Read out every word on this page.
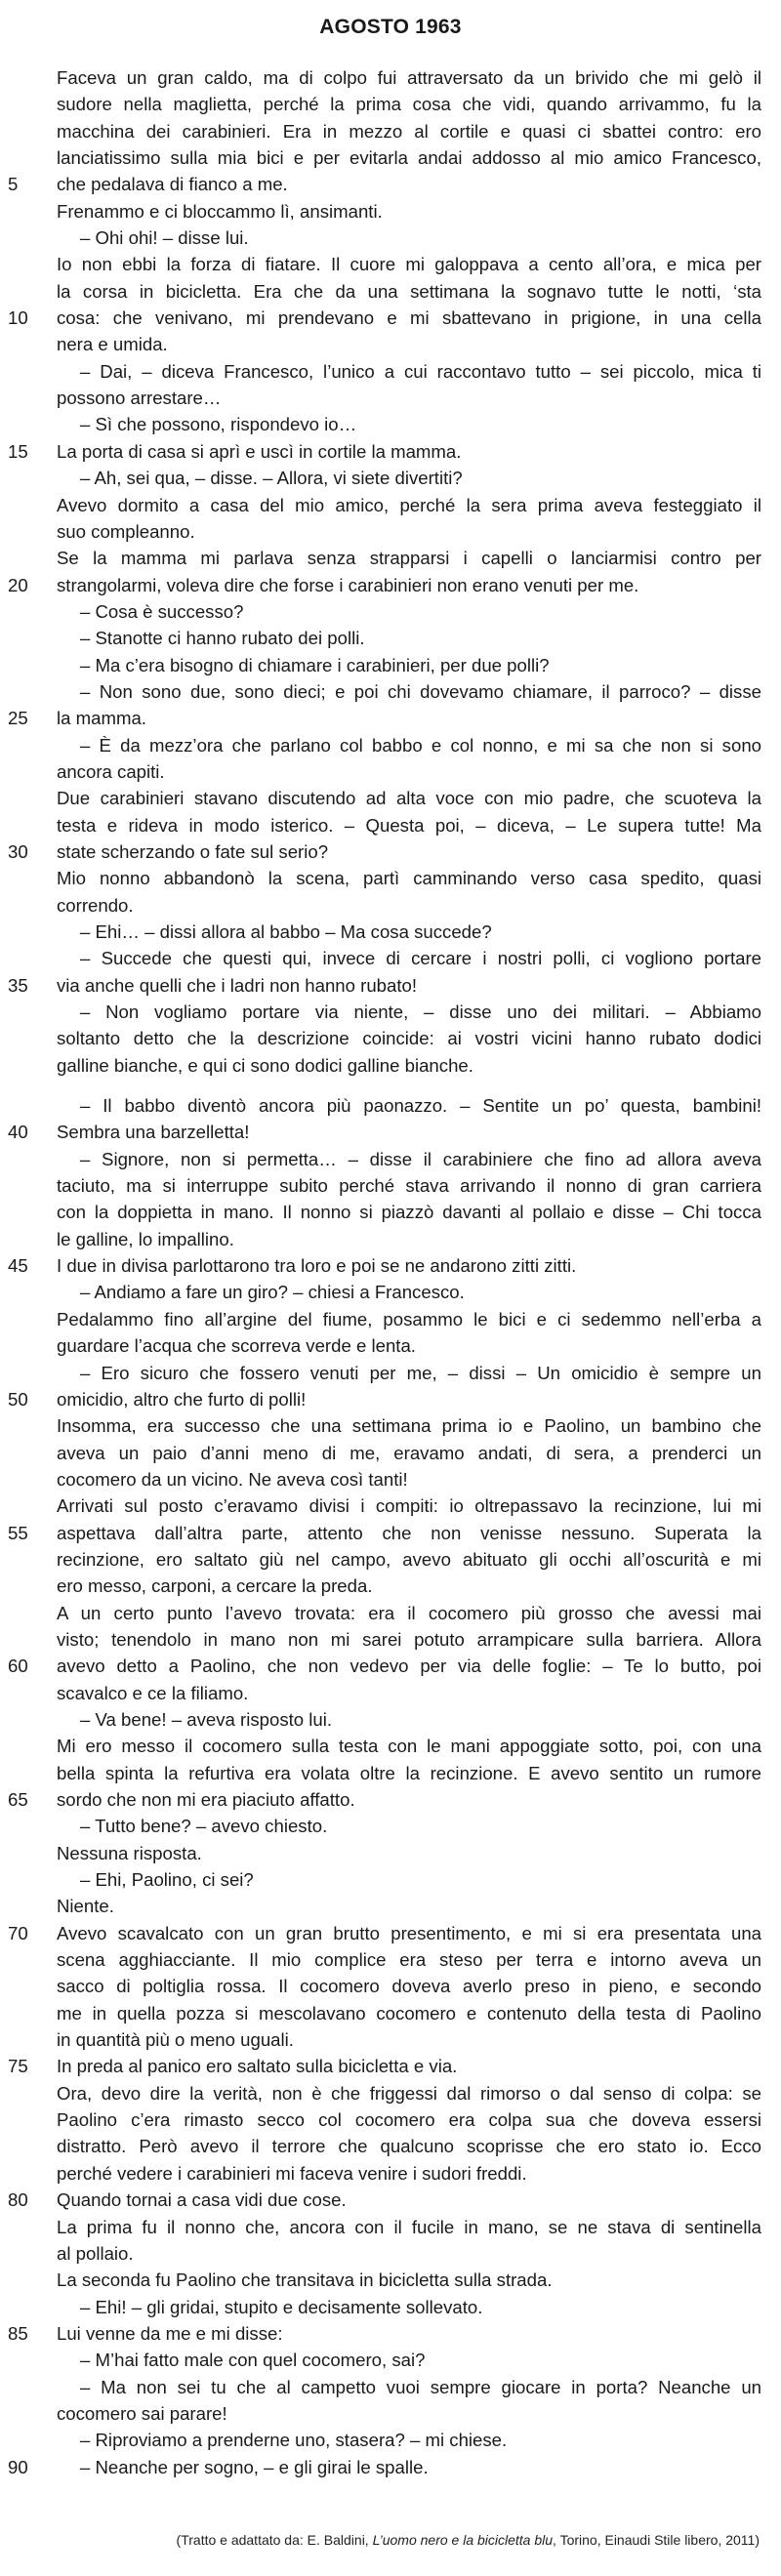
AGOSTO 1963
Faceva un gran caldo, ma di colpo fui attraversato da un brivido che mi gelò il
sudore nella maglietta, perché la prima cosa che vidi, quando arrivammo, fu la
macchina dei carabinieri. Era in mezzo al cortile e quasi ci sbattei contro: ero
lanciatissimo sulla mia bici e per evitarla andai addosso al mio amico Francesco,
5	che pedalava di fianco a me.
Frenammo e ci bloccammo lì, ansimanti.
– Ohi ohi! – disse lui.
Io non ebbi la forza di fiatare. Il cuore mi galoppava a cento all’ora, e mica per
la corsa in bicicletta. Era che da una settimana la sognavo tutte le notti, ‘sta
10	cosa: che venivano, mi prendevano e mi sbattevano in prigione, in una cella
nera e umida.
– Dai, – diceva Francesco, l’unico a cui raccontavo tutto – sei piccolo, mica ti
possono arrestare…
– Sì che possono, rispondevo io…
15	La porta di casa si aprì e uscì in cortile la mamma.
– Ah, sei qua, – disse. – Allora, vi siete divertiti?
Avevo dormito a casa del mio amico, perché la sera prima aveva festeggiato il
suo compleanno.
Se la mamma mi parlava senza strapparsi i capelli o lanciarmisi contro per
20	strangolarmi, voleva dire che forse i carabinieri non erano venuti per me.
– Cosa è successo?
– Stanotte ci hanno rubato dei polli.
– Ma c’era bisogno di chiamare i carabinieri, per due polli?
– Non sono due, sono dieci; e poi chi dovevamo chiamare, il parroco? – disse
25	la mamma.
– È da mezz’ora che parlano col babbo e col nonno, e mi sa che non si sono
ancora capiti.
Due carabinieri stavano discutendo ad alta voce con mio padre, che scuoteva la
testa e rideva in modo isterico. – Questa poi, – diceva, – Le supera tutte! Ma
30	state scherzando o fate sul serio?
Mio nonno abbandonò la scena, partì camminando verso casa spedito, quasi
correndo.
– Ehi… – dissi allora al babbo – Ma cosa succede?
– Succede che questi qui, invece di cercare i nostri polli, ci vogliono portare
35	via anche quelli che i ladri non hanno rubato!
– Non vogliamo portare via niente, – disse uno dei militari. – Abbiamo
soltanto detto che la descrizione coincide: ai vostri vicini hanno rubato dodici
galline bianche, e qui ci sono dodici galline bianche.
– Il babbo diventò ancora più paonazzo. – Sentite un po’ questa, bambini!
40	Sembra una barzelletta!
– Signore, non si permetta… – disse il carabiniere che fino ad allora aveva
taciuto, ma si interruppe subito perché stava arrivando il nonno di gran carriera
con la doppietta in mano. Il nonno si piazzò davanti al pollaio e disse – Chi tocca
le galline, lo impallino.
45	I due in divisa parlottarono tra loro e poi se ne andarono zitti zitti.
– Andiamo a fare un giro? – chiesi a Francesco.
Pedalammo fino all’argine del fiume, posammo le bici e ci sedemmo nell’erba a
guardare l’acqua che scorreva verde e lenta.
– Ero sicuro che fossero venuti per me, – dissi – Un omicidio è sempre un
50	omicidio, altro che furto di polli!
Insomma, era successo che una settimana prima io e Paolino, un bambino che
aveva un paio d’anni meno di me, eravamo andati, di sera, a prenderci un
cocomero da un vicino. Ne aveva così tanti!
Arrivati sul posto c’eravamo divisi i compiti: io oltrepassavo la recinzione, lui mi
55	aspettava dall’altra parte, attento che non venisse nessuno. Superata la
recinzione, ero saltato giù nel campo, avevo abituato gli occhi all’oscurità e mi
ero messo, carponi, a cercare la preda.
A un certo punto l’avevo trovata: era il cocomero più grosso che avessi mai
visto; tenendolo in mano non mi sarei potuto arrampicare sulla barriera. Allora
60	avevo detto a Paolino, che non vedevo per via delle foglie: – Te lo butto, poi
scavalco e ce la filiamo.
– Va bene! – aveva risposto lui.
Mi ero messo il cocomero sulla testa con le mani appoggiate sotto, poi, con una
bella spinta la refurtiva era volata oltre la recinzione. E avevo sentito un rumore
65	sordo che non mi era piaciuto affatto.
– Tutto bene? – avevo chiesto.
Nessuna risposta.
– Ehi, Paolino, ci sei?
Niente.
70	Avevo scavalcato con un gran brutto presentimento, e mi si era presentata una
scena agghiacciante. Il mio complice era steso per terra e intorno aveva un
sacco di poltiglia rossa. Il cocomero doveva averlo preso in pieno, e secondo
me in quella pozza si mescolavano cocomero e contenuto della testa di Paolino
in quantità più o meno uguali.
75	In preda al panico ero saltato sulla bicicletta e via.
Ora, devo dire la verità, non è che friggessi dal rimorso o dal senso di colpa: se
Paolino c’era rimasto secco col cocomero era colpa sua che doveva essersi
distratto. Però avevo il terrore che qualcuno scoprisse che ero stato io. Ecco
perché vedere i carabinieri mi faceva venire i sudori freddi.
80	Quando tornai a casa vidi due cose.
La prima fu il nonno che, ancora con il fucile in mano, se ne stava di sentinella
al pollaio.
La seconda fu Paolino che transitava in bicicletta sulla strada.
– Ehi! – gli gridai, stupito e decisamente sollevato.
85	Lui venne da me e mi disse:
– M’hai fatto male con quel cocomero, sai?
– Ma non sei tu che al campetto vuoi sempre giocare in porta? Neanche un
cocomero sai parare!
– Riproviamo a prenderne uno, stasera? – mi chiese.
90	– Neanche per sogno, – e gli girai le spalle.
(Tratto e adattato da: E. Baldini, L’uomo nero e la bicicletta blu, Torino, Einaudi Stile libero, 2011)
